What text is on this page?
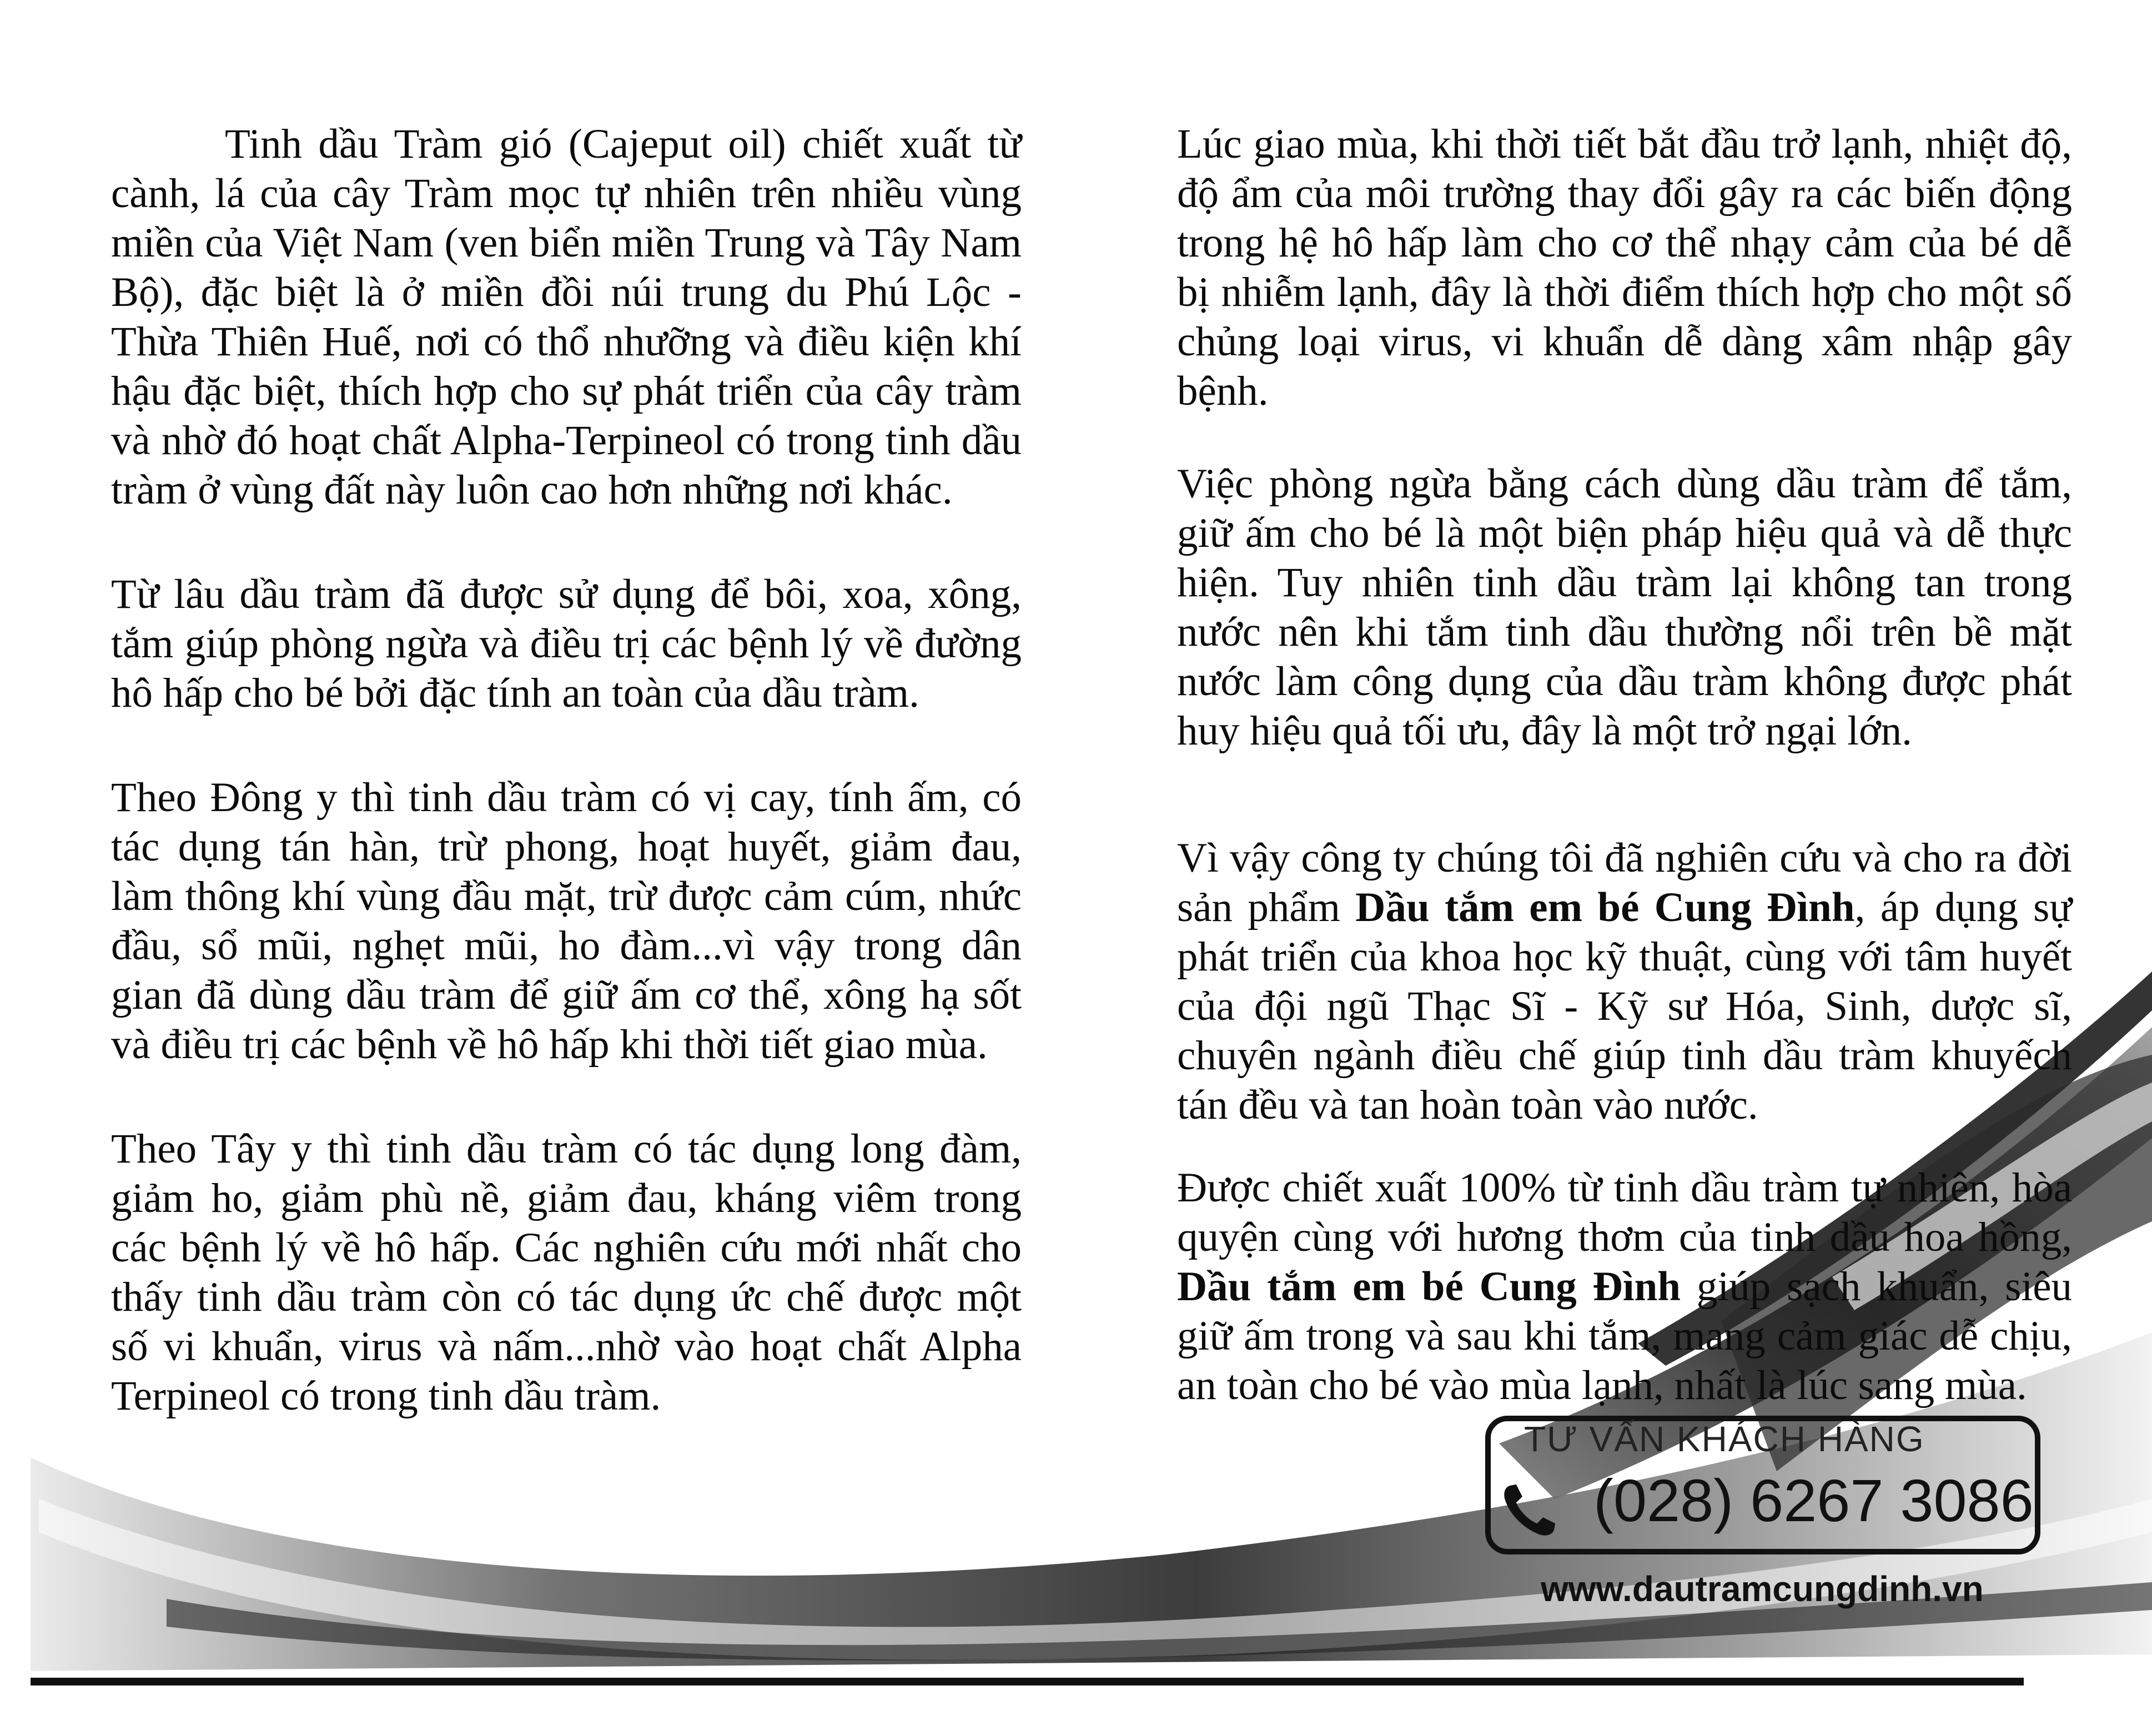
Tinh dầu Tràm gió (Cajeput oil) chiết xuất từ cành, lá của cây Tràm mọc tự nhiên trên nhiều vùng miền của Việt Nam (ven biển miền Trung và Tây Nam Bộ), đặc biệt là ở miền đồi núi trung du Phú Lộc - Thừa Thiên Huế, nơi có thổ nhưỡng và điều kiện khí hậu đặc biệt, thích hợp cho sự phát triển của cây tràm và nhờ đó hoạt chất Alpha-Terpineol có trong tinh dầu tràm ở vùng đất này luôn cao hơn những nơi khác.

Từ lâu dầu tràm đã được sử dụng để bôi, xoa, xông, tắm giúp phòng ngừa và điều trị các bệnh lý về đường hô hấp cho bé bởi đặc tính an toàn của dầu tràm.

Theo Đông y thì tinh dầu tràm có vị cay, tính ấm, có tác dụng tán hàn, trừ phong, hoạt huyết, giảm đau, làm thông khí vùng đầu mặt, trừ được cảm cúm, nhức đầu, sổ mũi, nghẹt mũi, ho đàm...vì vậy trong dân gian đã dùng dầu tràm để giữ ấm cơ thể, xông hạ sốt và điều trị các bệnh về hô hấp khi thời tiết giao mùa.

Theo Tây y thì tinh dầu tràm có tác dụng long đàm, giảm ho, giảm phù nề, giảm đau, kháng viêm trong các bệnh lý về hô hấp. Các nghiên cứu mới nhất cho thấy tinh dầu tràm còn có tác dụng ức chế được một số vi khuẩn, virus và nấm...nhờ vào hoạt chất Alpha Terpineol có trong tinh dầu tràm.

Lúc giao mùa, khi thời tiết bắt đầu trở lạnh, nhiệt độ, độ ẩm của môi trường thay đổi gây ra các biến động trong hệ hô hấp làm cho cơ thể nhạy cảm của bé dễ bị nhiễm lạnh, đây là thời điểm thích hợp cho một số chủng loại virus, vi khuẩn dễ dàng xâm nhập gây bệnh.

Việc phòng ngừa bằng cách dùng dầu tràm để tắm, giữ ấm cho bé là một biện pháp hiệu quả và dễ thực hiện. Tuy nhiên tinh dầu tràm lại không tan trong nước nên khi tắm tinh dầu thường nổi trên bề mặt nước làm công dụng của dầu tràm không được phát huy hiệu quả tối ưu, đây là một trở ngại lớn.

Vì vậy công ty chúng tôi đã nghiên cứu và cho ra đời sản phẩm Dầu tắm em bé Cung Đình, áp dụng sự phát triển của khoa học kỹ thuật, cùng với tâm huyết của đội ngũ Thạc Sĩ - Kỹ sư Hóa, Sinh, dược sĩ, chuyên ngành điều chế giúp tinh dầu tràm khuyếch tán đều và tan hoàn toàn vào nước.

Được chiết xuất 100% từ tinh dầu tràm tự nhiên, hòa quyện cùng với hương thơm của tinh dầu hoa hồng, Dầu tắm em bé Cung Đình giúp sạch khuẩn, siêu giữ ấm trong và sau khi tắm, mang cảm giác dễ chịu, an toàn cho bé vào mùa lạnh, nhất là lúc sang mùa.

TƯ VẤN KHÁCH HÀNG
(028) 6267 3086
www.dautramcungdinh.vn
